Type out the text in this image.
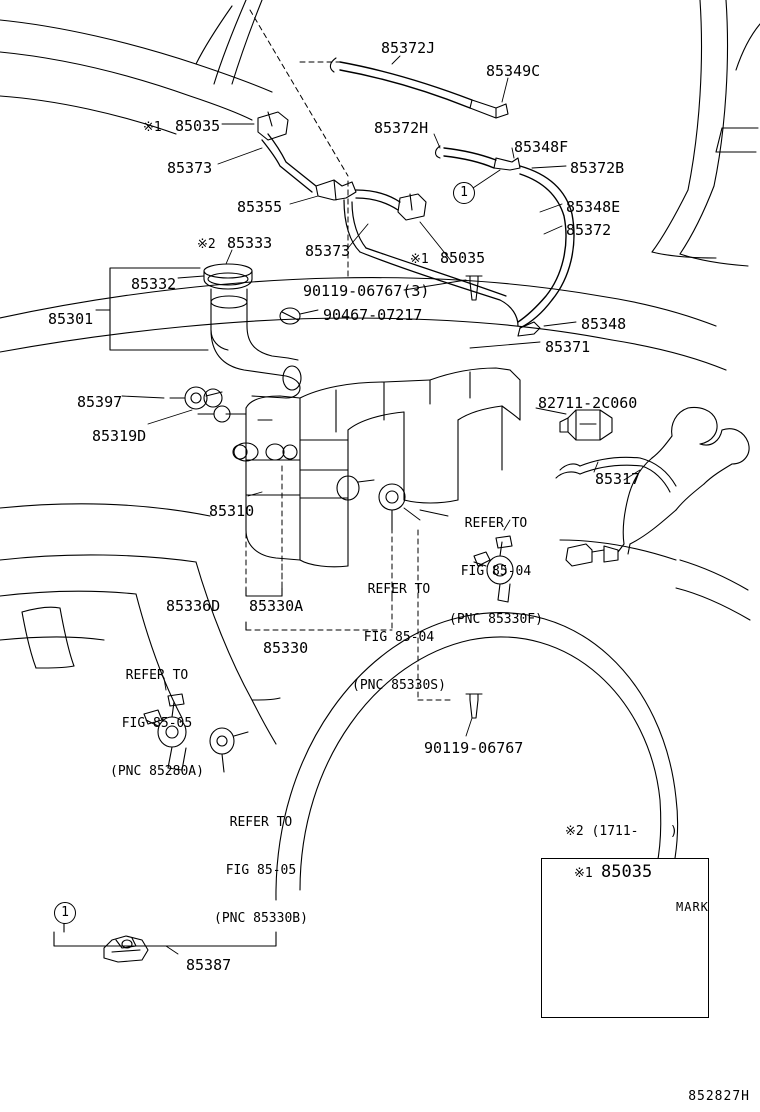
85372J
85349C
85035	85372H
85348F
85373	85372B
85355	85348E
85372
85333 85373	85035
85332	90119-06767(3)
90467-07217
85301	85348
85371
85397	82711-2C060
85319D
85317
85310
85336D 85330A
85330
90119-06767
85387
※1
※2
※1

REFER TO

FIG 85-04

(PNC 85330F)

REFER TO

FIG 85-04

(PNC 85330S)

REFER TO

FIG 85-05

(PNC 85280A)

REFER TO

FIG 85-05

(PNC 85330B)

※2 (1711-    )
1
1
※1 85035
MARK
852827H
